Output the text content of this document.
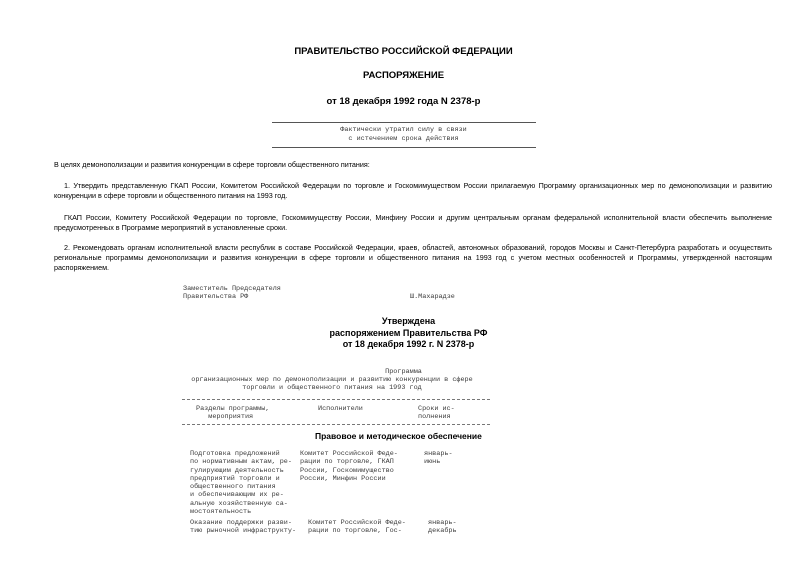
ПРАВИТЕЛЬСТВО РОССИЙСКОЙ ФЕДЕРАЦИИ
РАСПОРЯЖЕНИЕ
от 18 декабря 1992 года N 2378-р
Фактически утратил силу в связи
с истечением срока действия

В целях демонополизации и развития конкуренции в сфере торговли общественного питания:

1. Утвердить представленную ГКАП России, Комитетом Российской Федерации по торговле и Госкомимуществом России прилагаемую Программу организационных мер по демонополизации и развитию конкуренции в сфере торговли и общественного питания на 1993 год.

ГКАП России, Комитету Российской Федерации по торговле, Госкомимуществу России, Минфину России и другим центральным органам федеральной исполнительной власти обеспечить выполнение предусмотренных в Программе мероприятий в установленные сроки.

2. Рекомендовать органам исполнительной власти республик в составе Российской Федерации, краев, областей, автономных образований, городов Москвы и Санкт-Петербурга разработать и осуществить региональные программы демонополизации и развития конкуренции в сфере торговли и общественного питания на 1993 год с учетом местных особенностей и Программы, утвержденной настоящим распоряжением.

Заместитель Председателя
Правительства РФ	Ш.Махарадзе
Утверждена
распоряжением Правительства РФ
от 18 декабря 1992 г. N 2378-р
Программа
организационных мер по демонополизации и развитию конкуренции в сфере
торговли и общественного питания на 1993 год
Разделы программы,
мероприятия
Исполнители	Сроки ис-
полнения
Правовое и методическое обеспечение
Подготовка предложений
по нормативным актам, ре-
гулирующим деятельность
предприятий торговли и
общественного питания
и обеспечивающим их ре-
альную хозяйственную са-
мостоятельность
Комитет Российской Феде-
рации по торговле, ГКАП
России, Госкомимущество
России, Минфин России
январь-
июнь
Оказание поддержки разви-
тию рыночной инфраструкту-
Комитет Российской Феде-
рации по торговле, Гос-
январь-
декабрь
